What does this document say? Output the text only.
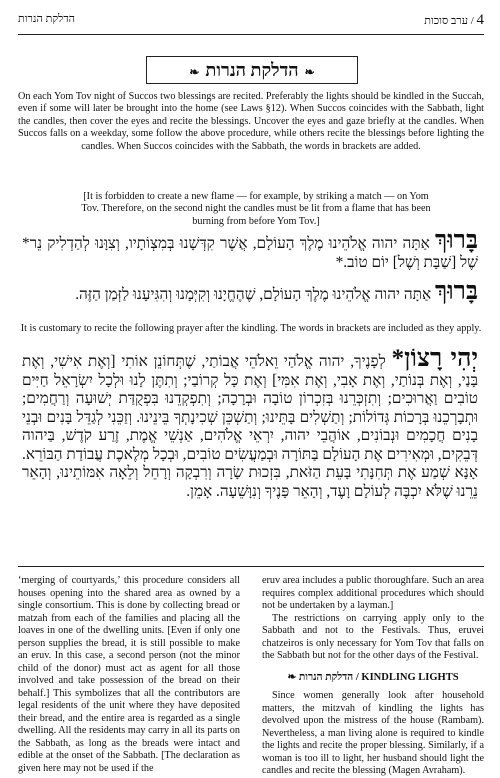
הדלקת הנרות	4 / ערב סוכות
❧הדלקת הנרות❧
On each Yom Tov night of Succos two blessings are recited. Preferably the lights should be kindled in the Succah, even if some will later be brought into the home (see Laws §12). When Succos coincides with the Sabbath, light the candles, then cover the eyes and recite the blessings. Uncover the eyes and gaze briefly at the candles. When Succos falls on a weekday, some follow the above procedure, while others recite the blessings before lighting the candles. When Succos coincides with the Sabbath, the words in brackets are added.
[It is forbidden to create a new flame — for example, by striking a match — on Yom Tov. Therefore, on the second night the candles must be lit from a flame that has been burning from before Yom Tov.]
בָּרוּךְ אַתָּה יהוה אֱלֹהֵינוּ מֶלֶךְ הָעוֹלָם, אֲשֶׁר קִדְּשָׁנוּ בְּמִצְוֹתָיו, וְצִוָּנוּ לְהַדְלִיק נֵר* שֶׁל [שַׁבָּת וְשֶׁל] יוֹם טוֹב.*
בָּרוּךְ אַתָּה יהוה אֱלֹהֵינוּ מֶלֶךְ הָעוֹלָם, שֶׁהֶחֱיָנוּ וְקִיְּמָנוּ וְהִגִּיעָנוּ לַזְּמַן הַזֶּה.
It is customary to recite the following prayer after the kindling. The words in brackets are included as they apply.
יְהִי רָצוֹן* לְפָנֶיךָ, יהוה אֱלֹהַי וֵאלֹהֵי אֲבוֹתַי, שֶׁתְּחוֹנֵן אוֹתִי [וְאֶת אִישִׁי, וְאֶת בָּנַי, וְאֶת בְּנוֹתַי, וְאֶת אָבִי, וְאֶת אִמִּי] וְאֶת כָּל קְרוֹבַי; וְתִתֶּן לָנוּ וּלְכָל יִשְׂרָאֵל חַיִּים טוֹבִים וַאֲרוּכִים; וְתִזְכְּרֵנוּ בְּזִכְרוֹן טוֹבָה וּבְרָכָה; וְתִפְקְדֵנוּ בִּפְקֻדַּת יְשׁוּעָה וְרַחֲמִים; וּתְבָרְכֵנוּ בְּרָכוֹת גְּדוֹלוֹת; וְתַשְׁלִים בָּתֵּינוּ; וְתַשְׁכֵּן שְׁכִינָתְךָ בֵּינֵינוּ. וְזַכֵּנִי לְגַדֵּל בָּנִים וּבְנֵי בָנִים חֲכָמִים וּנְבוֹנִים, אוֹהֲבֵי יהוה, יִרְאֵי אֱלֹהִים, אַנְשֵׁי אֱמֶת, זֶרַע קֹדֶשׁ, בַּיהוה דְּבֵקִים, וּמְאִירִים אֶת הָעוֹלָם בַּתּוֹרָה וּבְמַעֲשִׂים טוֹבִים, וּבְכָל מְלֶאכֶת עֲבוֹדַת הַבּוֹרֵא. אָנָּא שְׁמַע אֶת תְּחִנָּתִי בָּעֵת הַזֹּאת, בִּזְכוּת שָׂרָה וְרִבְקָה וְרָחֵל וְלֵאָה אִמּוֹתֵינוּ, וְהָאֵר נֵרֵנוּ שֶׁלֹּא יִכְבֶּה לְעוֹלָם וָעֶד, וְהָאֵר פָּנֶיךָ וְנִוָּשֵׁעָה. אָמֵן.

‘merging of courtyards,’ this procedure considers all houses opening into the shared area as owned by a single consortium. This is done by collecting bread or matzah from each of the families and placing all the loaves in one of the dwelling units. [Even if only one person supplies the bread, it is still possible to make an eruv. In this case, a second person (not the minor child of the donor) must act as agent for all those involved and take possession of the bread on their behalf.] This symbolizes that all the contributors are legal residents of the unit where they have deposited their bread, and the entire area is regarded as a single dwelling. All the residents may carry in all its parts on the Sabbath, as long as the breads were intact and edible at the onset of the Sabbath. [The declaration as given here may not be used if the

eruv area includes a public thoroughfare. Such an area requires complex additional procedures which should not be undertaken by a layman.]

The restrictions on carrying apply only to the Sabbath and not to the Festivals. Thus, eruvei chatzeiros is only necessary for Yom Tov that falls on the Sabbath but not for the other days of the Festival.

❧ הדלקת הנרות / KINDLING LIGHTS

Since women generally look after household matters, the mitzvah of kindling the lights has devolved upon the mistress of the house (Rambam). Nevertheless, a man living alone is required to kindle the lights and recite the proper blessing. Similarly, if a woman is too ill to light, her husband should light the candles and recite the blessing (Magen Avraham).
